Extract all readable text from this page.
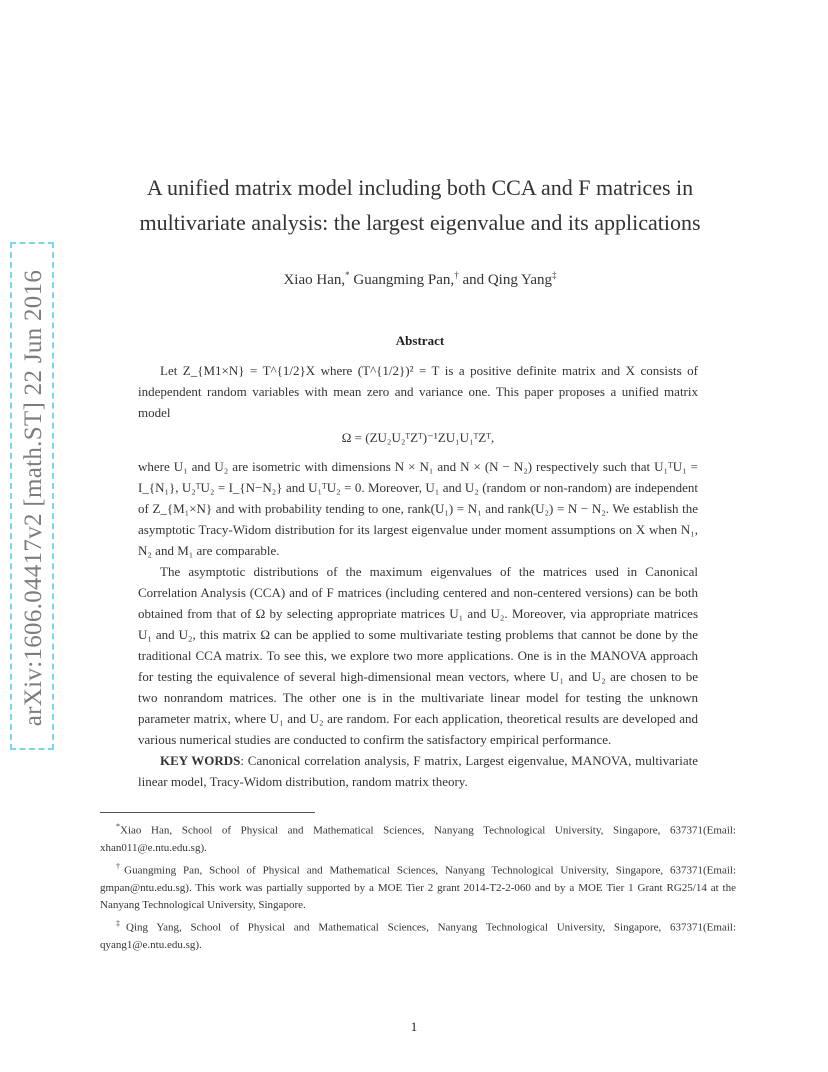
arXiv:1606.04417v2 [math.ST] 22 Jun 2016
A unified matrix model including both CCA and F matrices in
multivariate analysis: the largest eigenvalue and its applications
Xiao Han,* Guangming Pan,† and Qing Yang‡
Abstract

Let Z_{M1×N} = T^{1/2}X where (T^{1/2})² = T is a positive definite matrix and X consists of independent random variables with mean zero and variance one. This paper proposes a unified matrix model

Ω = (ZU₂U₂ᵀZᵀ)⁻¹ZU₁U₁ᵀZᵀ,

where U₁ and U₂ are isometric with dimensions N × N₁ and N × (N − N₂) respectively such that U₁ᵀU₁ = I_{N₁}, U₂ᵀU₂ = I_{N−N₂} and U₁ᵀU₂ = 0. Moreover, U₁ and U₂ (random or non-random) are independent of Z_{M₁×N} and with probability tending to one, rank(U₁) = N₁ and rank(U₂) = N − N₂. We establish the asymptotic Tracy-Widom distribution for its largest eigenvalue under moment assumptions on X when N₁, N₂ and M₁ are comparable.

The asymptotic distributions of the maximum eigenvalues of the matrices used in Canonical Correlation Analysis (CCA) and of F matrices (including centered and non-centered versions) can be both obtained from that of Ω by selecting appropriate matrices U₁ and U₂. Moreover, via appropriate matrices U₁ and U₂, this matrix Ω can be applied to some multivariate testing problems that cannot be done by the traditional CCA matrix. To see this, we explore two more applications. One is in the MANOVA approach for testing the equivalence of several high-dimensional mean vectors, where U₁ and U₂ are chosen to be two nonrandom matrices. The other one is in the multivariate linear model for testing the unknown parameter matrix, where U₁ and U₂ are random. For each application, theoretical results are developed and various numerical studies are conducted to confirm the satisfactory empirical performance.

KEY WORDS: Canonical correlation analysis, F matrix, Largest eigenvalue, MANOVA, multivariate linear model, Tracy-Widom distribution, random matrix theory.

*Xiao Han, School of Physical and Mathematical Sciences, Nanyang Technological University, Singapore, 637371(Email: xhan011@e.ntu.edu.sg).

†Guangming Pan, School of Physical and Mathematical Sciences, Nanyang Technological University, Singapore, 637371(Email: gmpan@ntu.edu.sg). This work was partially supported by a MOE Tier 2 grant 2014-T2-2-060 and by a MOE Tier 1 Grant RG25/14 at the Nanyang Technological University, Singapore.

‡Qing Yang, School of Physical and Mathematical Sciences, Nanyang Technological University, Singapore, 637371(Email: qyang1@e.ntu.edu.sg).

1
